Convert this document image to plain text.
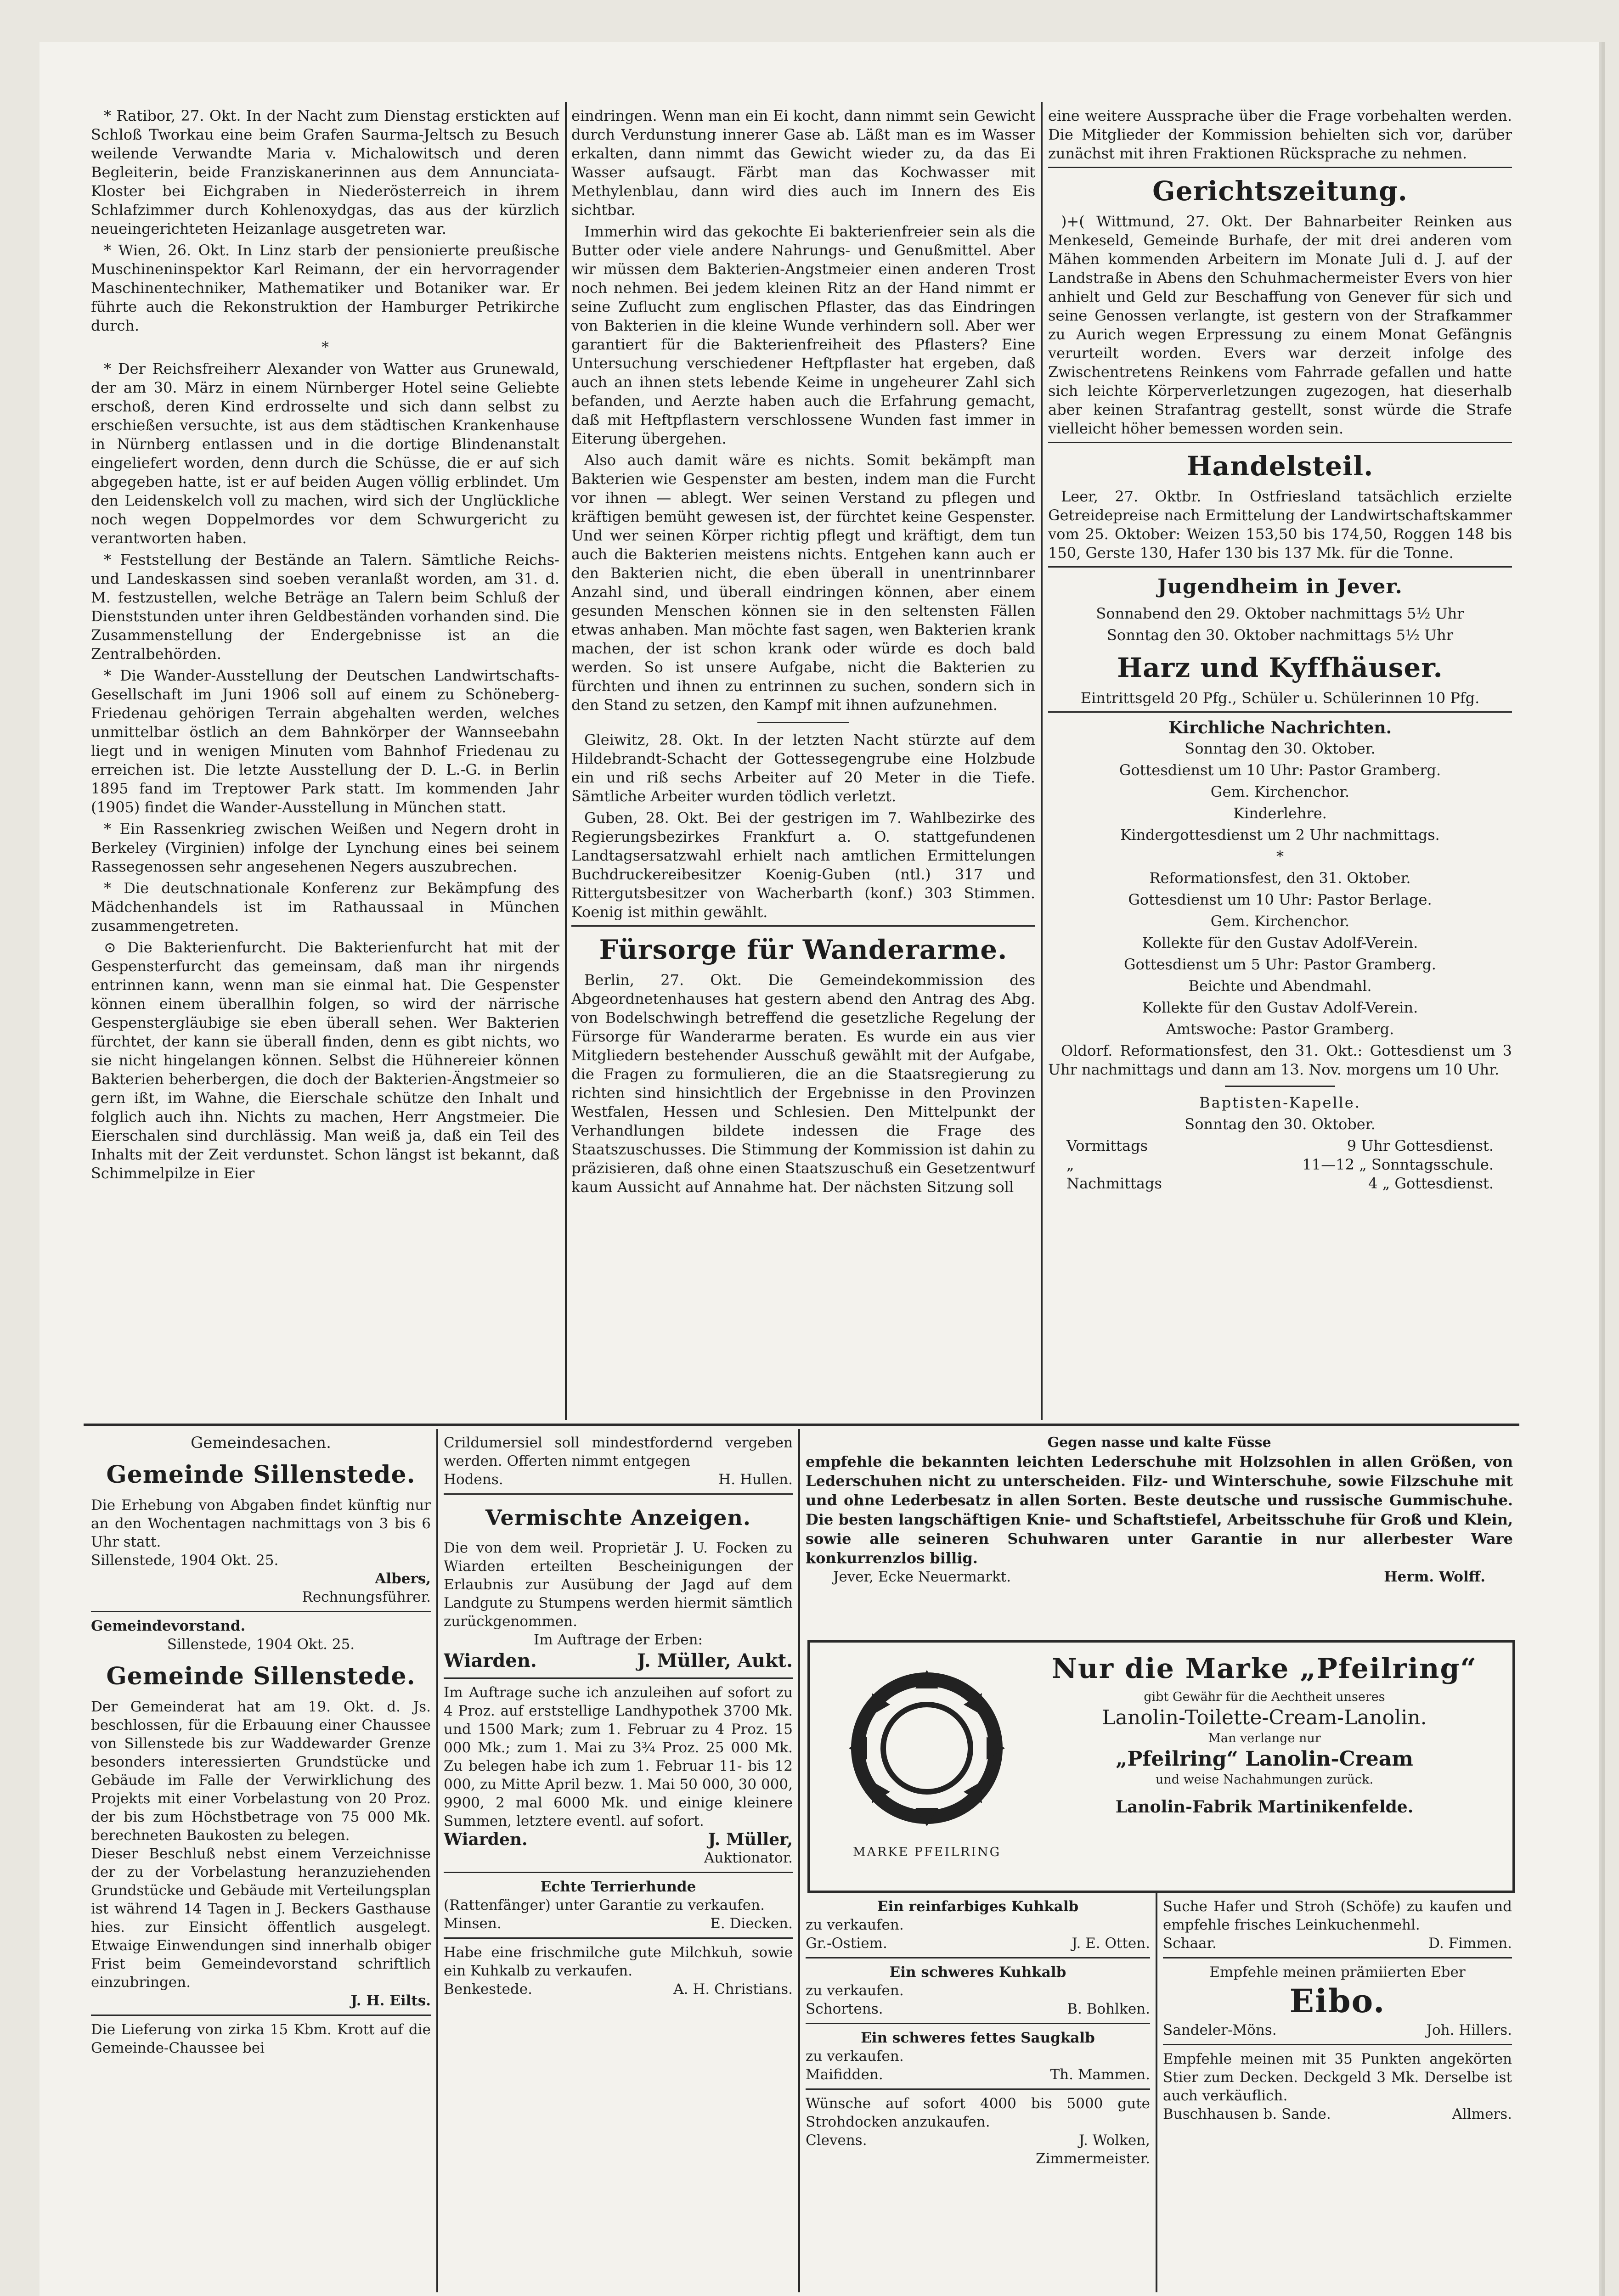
* Ratibor, 27. Okt. In der Nacht zum Dienstag erstickten auf Schloß Tworkau eine beim Grafen Saurma-Jeltsch zu Besuch weilende Verwandte Maria v. Michalowitsch und deren Begleiterin, beide Franziskanerinnen aus dem Annunciata-Kloster bei Eichgraben in Niederösterreich in ihrem Schlafzimmer durch Kohlenoxydgas, das aus der kürzlich neueingerichteten Heizanlage ausgetreten war.

* Wien, 26. Okt. In Linz starb der pensionierte preußische Muschineninspektor Karl Reimann, der ein hervorragender Maschinentechniker, Mathematiker und Botaniker war. Er führte auch die Rekonstruktion der Hamburger Petrikirche durch.

*

* Der Reichsfreiherr Alexander von Watter aus Grunewald, der am 30. März in einem Nürnberger Hotel seine Geliebte erschoß, deren Kind erdrosselte und sich dann selbst zu erschießen versuchte, ist aus dem städtischen Krankenhause in Nürnberg entlassen und in die dortige Blindenanstalt eingeliefert worden, denn durch die Schüsse, die er auf sich abgegeben hatte, ist er auf beiden Augen völlig erblindet. Um den Leidenskelch voll zu machen, wird sich der Unglückliche noch wegen Doppelmordes vor dem Schwurgericht zu verantworten haben.

* Feststellung der Bestände an Talern. Sämtliche Reichs- und Landeskassen sind soeben veranlaßt worden, am 31. d. M. festzustellen, welche Beträge an Talern beim Schluß der Dienststunden unter ihren Geldbeständen vorhanden sind. Die Zusammenstellung der Endergebnisse ist an die Zentralbehörden.

* Die Wander-Ausstellung der Deutschen Landwirtschafts-Gesellschaft im Juni 1906 soll auf einem zu Schöneberg-Friedenau gehörigen Terrain abgehalten werden, welches unmittelbar östlich an dem Bahnkörper der Wannseebahn liegt und in wenigen Minuten vom Bahnhof Friedenau zu erreichen ist. Die letzte Ausstellung der D. L.-G. in Berlin 1895 fand im Treptower Park statt. Im kommenden Jahr (1905) findet die Wander-Ausstellung in München statt.

* Ein Rassenkrieg zwischen Weißen und Negern droht in Berkeley (Virginien) infolge der Lynchung eines bei seinem Rassegenossen sehr angesehenen Negers auszubrechen.

* Die deutschnationale Konferenz zur Bekämpfung des Mädchenhandels ist im Rathaussaal in München zusammengetreten.

⊙ Die Bakterienfurcht. Die Bakterienfurcht hat mit der Gespensterfurcht das gemeinsam, daß man ihr nirgends entrinnen kann, wenn man sie einmal hat. Die Gespenster können einem überallhin folgen, so wird der närrische Gespenstergläubige sie eben überall sehen. Wer Bakterien fürchtet, der kann sie überall finden, denn es gibt nichts, wo sie nicht hingelangen können. Selbst die Hühnereier können Bakterien beherbergen, die doch der Bakterien-Ängstmeier so gern ißt, im Wahne, die Eierschale schütze den Inhalt und folglich auch ihn. Nichts zu machen, Herr Angstmeier. Die Eierschalen sind durchlässig. Man weiß ja, daß ein Teil des Inhalts mit der Zeit verdunstet. Schon längst ist bekannt, daß Schimmelpilze in Eier

eindringen. Wenn man ein Ei kocht, dann nimmt sein Gewicht durch Verdunstung innerer Gase ab. Läßt man es im Wasser erkalten, dann nimmt das Gewicht wieder zu, da das Ei Wasser aufsaugt. Färbt man das Kochwasser mit Methylenblau, dann wird dies auch im Innern des Eis sichtbar.

Immerhin wird das gekochte Ei bakterienfreier sein als die Butter oder viele andere Nahrungs- und Genußmittel. Aber wir müssen dem Bakterien-Angstmeier einen anderen Trost noch nehmen. Bei jedem kleinen Ritz an der Hand nimmt er seine Zuflucht zum englischen Pflaster, das das Eindringen von Bakterien in die kleine Wunde verhindern soll. Aber wer garantiert für die Bakterienfreiheit des Pflasters? Eine Untersuchung verschiedener Heftpflaster hat ergeben, daß auch an ihnen stets lebende Keime in ungeheurer Zahl sich befanden, und Aerzte haben auch die Erfahrung gemacht, daß mit Heftpflastern verschlossene Wunden fast immer in Eiterung übergehen.

Also auch damit wäre es nichts. Somit bekämpft man Bakterien wie Gespenster am besten, indem man die Furcht vor ihnen — ablegt. Wer seinen Verstand zu pflegen und kräftigen bemüht gewesen ist, der fürchtet keine Gespenster. Und wer seinen Körper richtig pflegt und kräftigt, dem tun auch die Bakterien meistens nichts. Entgehen kann auch er den Bakterien nicht, die eben überall in unentrinnbarer Anzahl sind, und überall eindringen können, aber einem gesunden Menschen können sie in den seltensten Fällen etwas anhaben. Man möchte fast sagen, wen Bakterien krank machen, der ist schon krank oder würde es doch bald werden. So ist unsere Aufgabe, nicht die Bakterien zu fürchten und ihnen zu entrinnen zu suchen, sondern sich in den Stand zu setzen, den Kampf mit ihnen aufzunehmen.

Gleiwitz, 28. Okt. In der letzten Nacht stürzte auf dem Hildebrandt-Schacht der Gottessegengrube eine Holzbude ein und riß sechs Arbeiter auf 20 Meter in die Tiefe. Sämtliche Arbeiter wurden tödlich verletzt.

Guben, 28. Okt. Bei der gestrigen im 7. Wahlbezirke des Regierungsbezirkes Frankfurt a. O. stattgefundenen Landtagsersatzwahl erhielt nach amtlichen Ermittelungen Buchdruckereibesitzer Koenig-Guben (ntl.) 317 und Rittergutsbesitzer von Wacherbarth (konf.) 303 Stimmen. Koenig ist mithin gewählt.

Fürsorge für Wanderarme.

Berlin, 27. Okt. Die Gemeindekommission des Abgeordnetenhauses hat gestern abend den Antrag des Abg. von Bodelschwingh betreffend die gesetzliche Regelung der Fürsorge für Wanderarme beraten. Es wurde ein aus vier Mitgliedern bestehender Ausschuß gewählt mit der Aufgabe, die Fragen zu formulieren, die an die Staatsregierung zu richten sind hinsichtlich der Ergebnisse in den Provinzen Westfalen, Hessen und Schlesien. Den Mittelpunkt der Verhandlungen bildete indessen die Frage des Staatszuschusses. Die Stimmung der Kommission ist dahin zu präzisieren, daß ohne einen Staatszuschuß ein Gesetzentwurf kaum Aussicht auf Annahme hat. Der nächsten Sitzung soll

eine weitere Aussprache über die Frage vorbehalten werden. Die Mitglieder der Kommission behielten sich vor, darüber zunächst mit ihren Fraktionen Rücksprache zu nehmen.

Gerichtszeitung.

)+( Wittmund, 27. Okt. Der Bahnarbeiter Reinken aus Menkeseld, Gemeinde Burhafe, der mit drei anderen vom Mähen kommenden Arbeitern im Monate Juli d. J. auf der Landstraße in Abens den Schuhmachermeister Evers von hier anhielt und Geld zur Beschaffung von Genever für sich und seine Genossen verlangte, ist gestern von der Strafkammer zu Aurich wegen Erpressung zu einem Monat Gefängnis verurteilt worden. Evers war derzeit infolge des Zwischentretens Reinkens vom Fahrrade gefallen und hatte sich leichte Körperverletzungen zugezogen, hat dieserhalb aber keinen Strafantrag gestellt, sonst würde die Strafe vielleicht höher bemessen worden sein.

Handelsteil.

Leer, 27. Oktbr. In Ostfriesland tatsächlich erzielte Getreidepreise nach Ermittelung der Landwirtschaftskammer vom 25. Oktober: Weizen 153,50 bis 174,50, Roggen 148 bis 150, Gerste 130, Hafer 130 bis 137 Mk. für die Tonne.

Jugendheim in Jever.

Sonnabend den 29. Oktober nachmittags 5½ Uhr

Sonntag den 30. Oktober nachmittags 5½ Uhr

Harz und Kyffhäuser.

Eintrittsgeld 20 Pfg., Schüler u. Schülerinnen 10 Pfg.

Kirchliche Nachrichten.

Sonntag den 30. Oktober.

Gottesdienst um 10 Uhr: Pastor Gramberg.

Gem. Kirchenchor.

Kinderlehre.

Kindergottesdienst um 2 Uhr nachmittags.

*

Reformationsfest, den 31. Oktober.

Gottesdienst um 10 Uhr: Pastor Berlage.

Gem. Kirchenchor.

Kollekte für den Gustav Adolf-Verein.

Gottesdienst um 5 Uhr: Pastor Gramberg.

Beichte und Abendmahl.

Kollekte für den Gustav Adolf-Verein.

Amtswoche: Pastor Gramberg.

Oldorf. Reformationsfest, den 31. Okt.: Gottesdienst um 3 Uhr nachmittags und dann am 13. Nov. morgens um 10 Uhr.

Baptisten-Kapelle.

Sonntag den 30. Oktober.

Vormittags	9 Uhr Gottesdienst.
„	11—12 „ Sonntagsschule.
Nachmittags	4 „ Gottesdienst.

Gemeindesachen.

Gemeinde Sillenstede.

Die Erhebung von Abgaben findet künftig nur an den Wochentagen nachmittags von 3 bis 6 Uhr statt.

Sillenstede, 1904 Okt. 25.

Albers,

Rechnungsführer.

Gemeindevorstand.

Sillenstede, 1904 Okt. 25.

Gemeinde Sillenstede.

Der Gemeinderat hat am 19. Okt. d. Js. beschlossen, für die Erbauung einer Chaussee von Sillenstede bis zur Waddewarder Grenze besonders interessierten Grundstücke und Gebäude im Falle der Verwirklichung des Projekts mit einer Vorbelastung von 20 Proz. der bis zum Höchstbetrage von 75 000 Mk. berechneten Baukosten zu belegen.

Dieser Beschluß nebst einem Verzeichnisse der zu der Vorbelastung heranzuziehenden Grundstücke und Gebäude mit Verteilungsplan ist während 14 Tagen in J. Beckers Gasthause hies. zur Einsicht öffentlich ausgelegt. Etwaige Einwendungen sind innerhalb obiger Frist beim Gemeindevorstand schriftlich einzubringen.

J. H. Eilts.

Die Lieferung von zirka 15 Kbm. Krott auf die Gemeinde-Chaussee bei

Crildumersiel soll mindestfordernd vergeben werden. Offerten nimmt entgegen

Hodens.	H. Hullen.
Vermischte Anzeigen.

Die von dem weil. Proprietär J. U. Focken zu Wiarden erteilten Bescheinigungen der Erlaubnis zur Ausübung der Jagd auf dem Landgute zu Stumpens werden hiermit sämtlich zurückgenommen.

Im Auftrage der Erben:

Wiarden.	J. Müller, Aukt.

Im Auftrage suche ich anzuleihen auf sofort zu 4 Proz. auf erststellige Landhypothek 3700 Mk. und 1500 Mark; zum 1. Februar zu 4 Proz. 15 000 Mk.; zum 1. Mai zu 3¾ Proz. 25 000 Mk. Zu belegen habe ich zum 1. Februar 11- bis 12 000, zu Mitte April bezw. 1. Mai 50 000, 30 000, 9900, 2 mal 6000 Mk. und einige kleinere Summen, letztere eventl. auf sofort.

Wiarden.	J. Müller,

Auktionator.

Echte Terrierhunde

(Rattenfänger) unter Garantie zu verkaufen.

Minsen.	E. Diecken.

Habe eine frischmilche gute Milchkuh, sowie ein Kuhkalb zu verkaufen.

Benkestede.	A. H. Christians.

Gegen nasse und kalte Füsse

empfehle die bekannten leichten Lederschuhe mit Holzsohlen in allen Größen, von Lederschuhen nicht zu unterscheiden. Filz- und Winterschuhe, sowie Filzschuhe mit und ohne Lederbesatz in allen Sorten. Beste deutsche und russische Gummischuhe. Die besten langschäftigen Knie- und Schaftstiefel, Arbeitsschuhe für Groß und Klein, sowie alle seineren Schuhwaren unter Garantie in nur allerbester Ware konkurrenzlos billig.

Jever, Ecke Neuermarkt.	Herm. Wolff.
MARKE PFEILRING
Nur die Marke „Pfeilring“
gibt Gewähr für die Aechtheit unseres
Lanolin-Toilette-Cream-Lanolin.
Man verlange nur
„Pfeilring“ Lanolin-Cream
und weise Nachahmungen zurück.
Lanolin-Fabrik Martinikenfelde.

Ein reinfarbiges Kuhkalb

zu verkaufen.

Gr.-Ostiem.	J. E. Otten.

Ein schweres Kuhkalb

zu verkaufen.

Schortens.	B. Bohlken.

Ein schweres fettes Saugkalb

zu verkaufen.

Maifidden.	Th. Mammen.

Wünsche auf sofort 4000 bis 5000 gute Strohdocken anzukaufen.

Clevens.	J. Wolken,

Zimmermeister.

Suche Hafer und Stroh (Schöfe) zu kaufen und empfehle frisches Leinkuchenmehl.

Schaar.	D. Fimmen.

Empfehle meinen prämiierten Eber

Eibo.
Sandeler-Möns.	Joh. Hillers.

Empfehle meinen mit 35 Punkten angekörten Stier zum Decken. Deckgeld 3 Mk. Derselbe ist auch verkäuflich.

Buschhausen b. Sande.	Allmers.
